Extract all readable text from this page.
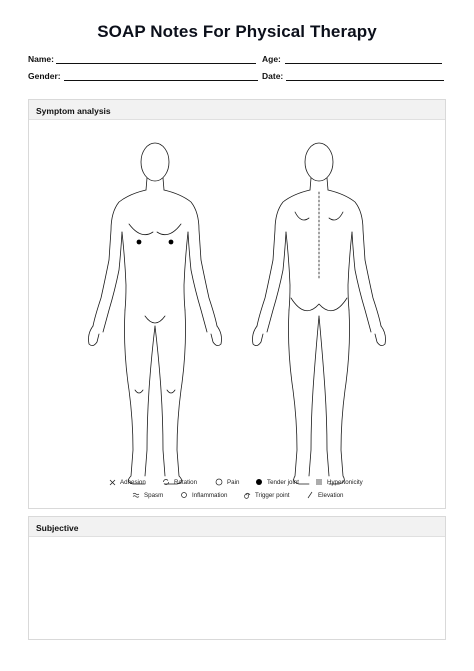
SOAP Notes For Physical Therapy
Name:	Age:
Gender:	Date:
Symptom analysis
Adhesion	Rotation	Pain	Tender joint	Hypertonicity
Spasm	Inflammation	Trigger point	Elevation
Subjective
